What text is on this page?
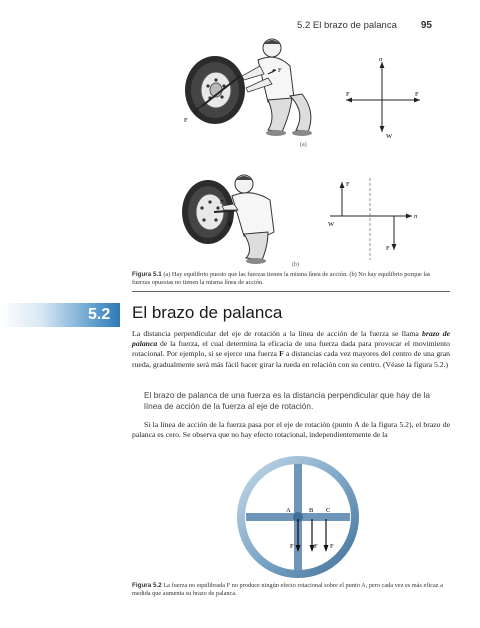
5.2 El brazo de palanca 95
F
F
(a)
n
F	F
W
F
F
(b)
F
n
W
F
Figura 5.1 (a) Hay equilibrio puesto que las fuerzas tienen la misma línea de acción. (b) No hay equilibrio porque las fuerzas opuestas no tienen la misma línea de acción.
5.2 El brazo de palanca
La distancia perpendicular del eje de rotación a la línea de acción de la fuerza se llama brazo de palanca de la fuerza, el cual determina la eficacia de una fuerza dada para provocar el movimiento rotacional. Por ejemplo, si se ejerce una fuerza F a distancias cada vez mayores del centro de una gran rueda, gradualmente será más fácil hacer girar la rueda en relación con su centro. (Véase la figura 5.2.)
El brazo de palanca de una fuerza es la distancia perpendicular que hay de la línea de acción de la fuerza al eje de rotación.
Si la línea de acción de la fuerza pasa por el eje de rotación (punto A de la figura 5.2), el brazo de palanca es cero. Se observa que no hay efecto rotacional, independientemente de la
A	B C
F	F F
Figura 5.2 La fuerza no equilibrada F no produce ningún efecto rotacional sobre el punto A, pero cada vez es más eficaz a medida que aumenta su brazo de palanca.
